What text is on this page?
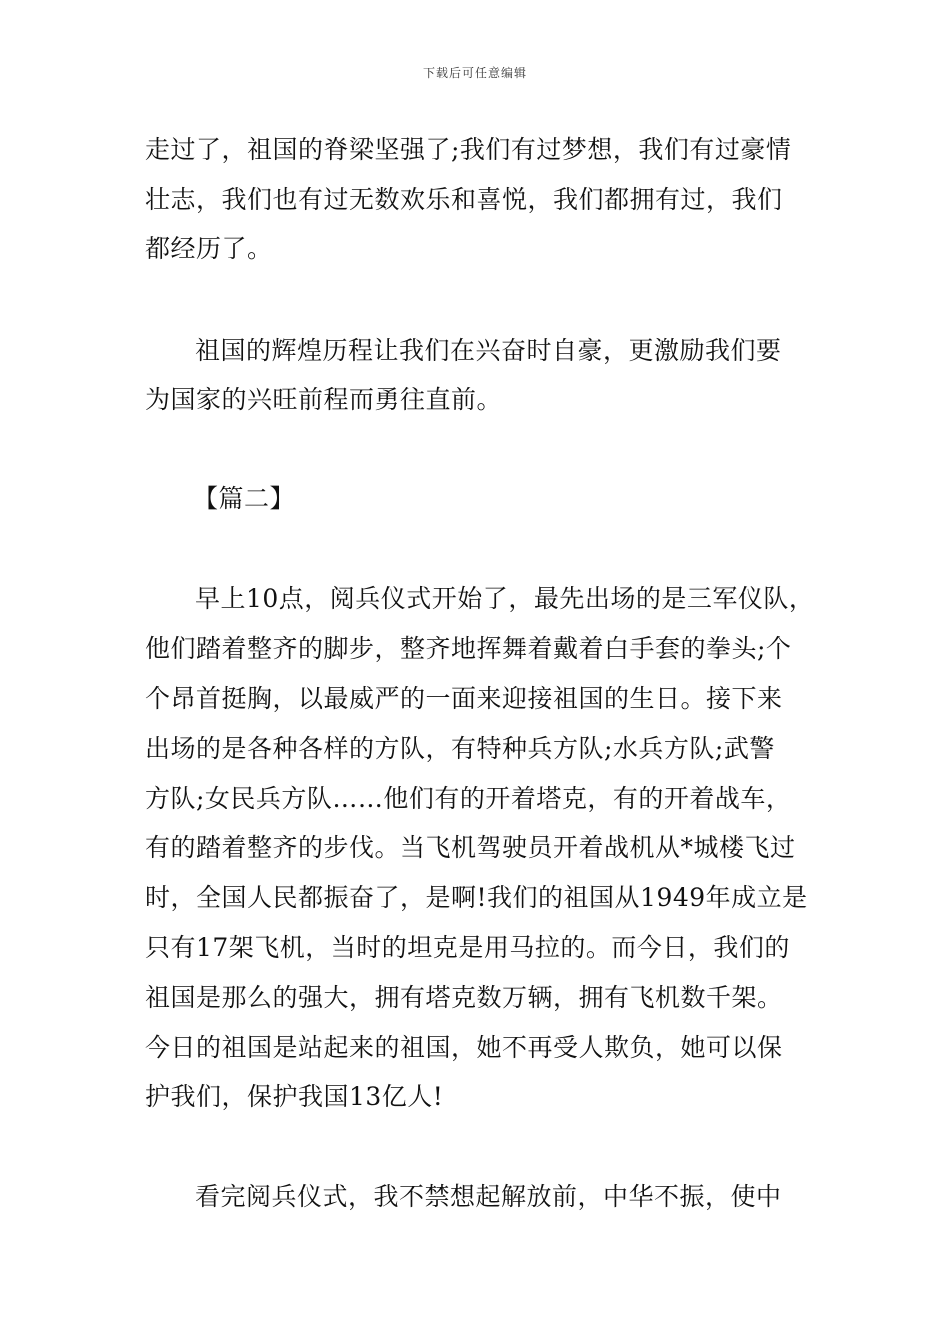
下载后可任意编辑
走过了，祖国的脊梁坚强了;我们有过梦想，我们有过豪情
壮志，我们也有过无数欢乐和喜悦，我们都拥有过，我们
都经历了。
祖国的辉煌历程让我们在兴奋时自豪，更激励我们要
为国家的兴旺前程而勇往直前。
【篇二】
早上10点，阅兵仪式开始了，最先出场的是三军仪队，
他们踏着整齐的脚步，整齐地挥舞着戴着白手套的拳头;个
个昂首挺胸，以最威严的一面来迎接祖国的生日。接下来
出场的是各种各样的方队，有特种兵方队;水兵方队;武警
方队;女民兵方队……他们有的开着塔克，有的开着战车，
有的踏着整齐的步伐。当飞机驾驶员开着战机从*城楼飞过
时，全国人民都振奋了，是啊!我们的祖国从1949年成立是
只有17架飞机，当时的坦克是用马拉的。而今日，我们的
祖国是那么的强大，拥有塔克数万辆，拥有飞机数千架。
今日的祖国是站起来的祖国，她不再受人欺负，她可以保
护我们，保护我国13亿人!
看完阅兵仪式，我不禁想起解放前，中华不振，使中
